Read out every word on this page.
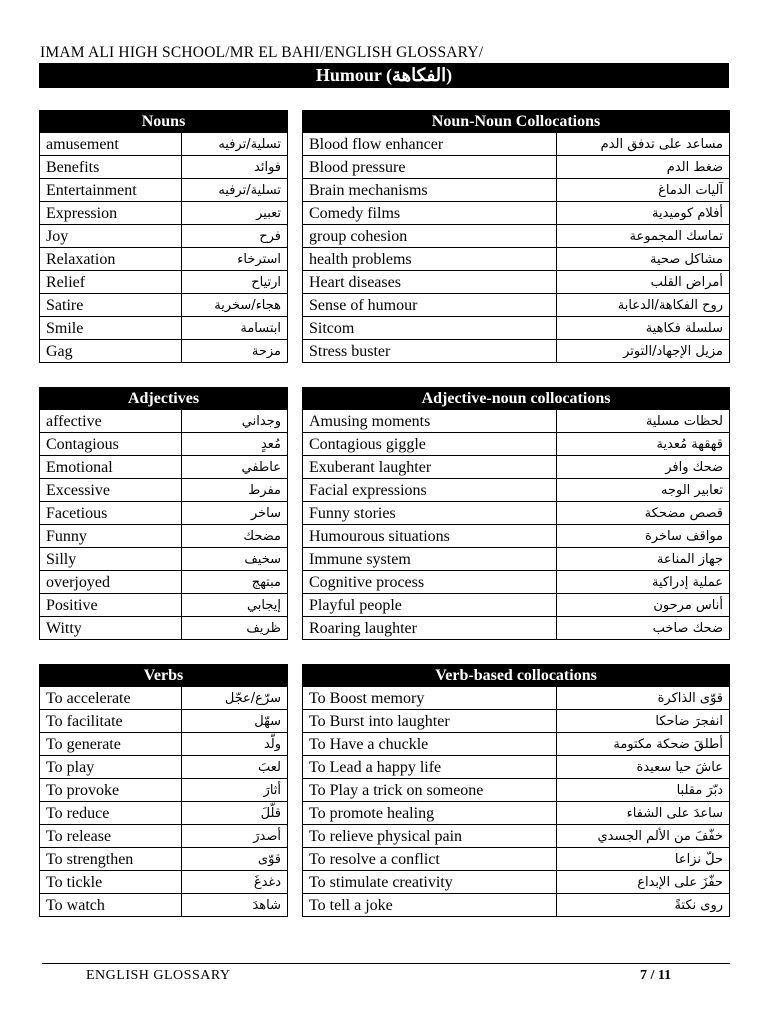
IMAM ALI HIGH SCHOOL/MR EL BAHI/ENGLISH GLOSSARY/
Humour (الفكاهة)
Nouns	
amusement	تسلية/ترفيه
Benefits	فوائد
Entertainment	تسلية/ترفيه
Expression	تعبير
Joy	فرح
Relaxation	استرخاء
Relief	ارتياح
Satire	هجاء/سخرية
Smile	ابتسامة
Gag	مزحة
Noun-Noun Collocations	
Blood flow enhancer	مساعد على تدفق الدم
Blood pressure	ضغط الدم
Brain mechanisms	آليات الدماغ
Comedy films	أفلام كوميدية
group cohesion	تماسك المجموعة
health problems	مشاكل صحية
Heart diseases	أمراض القلب
Sense of humour	روح الفكاهة/الدعابة
Sitcom	سلسلة فكاهية
Stress buster	مزيل الإجهاد/التوتر
Adjectives	
affective	وجداني
Contagious	مُعدٍ
Emotional	عاطفي
Excessive	مفرط
Facetious	ساخر
Funny	مضحك
Silly	سخيف
overjoyed	مبتهج
Positive	إيجابي
Witty	ظريف
Adjective-noun collocations	
Amusing moments	لحظات مسلية
Contagious giggle	قهقهة مُعدية
Exuberant laughter	ضحك وافر
Facial expressions	تعابير الوجه
Funny stories	قصص مضحكة
Humourous situations	مواقف ساخرة
Immune system	جهاز المناعة
Cognitive process	عملية إدراكية
Playful people	أناس مرحون
Roaring laughter	ضحك صاخب
Verbs	
To accelerate	سرّع/عجّل
To facilitate	سهّل
To generate	ولّد
To play	لعبَ
To provoke	أثارَ
To reduce	قلّلَ
To release	أصدرَ
To strengthen	قوّى
To tickle	دغدغَ
To watch	شاهدَ
Verb-based collocations	
To Boost memory	قوّى الذاكرة
To Burst into laughter	انفجرَ ضاحكا
To Have a chuckle	أطلقَ ضحكة مكتومة
To Lead a happy life	عاشَ حيا سعيدة
To Play a trick on someone	دبّرَ مقلبا
To promote healing	ساعدَ على الشفاء
To relieve physical pain	خفّفَ من الألم الجسدي
To resolve a conflict	حلّ نزاعا
To stimulate creativity	حفّزَ على الإبداع
To tell a joke	روى نكتةً
ENGLISH GLOSSARY	7 / 11
